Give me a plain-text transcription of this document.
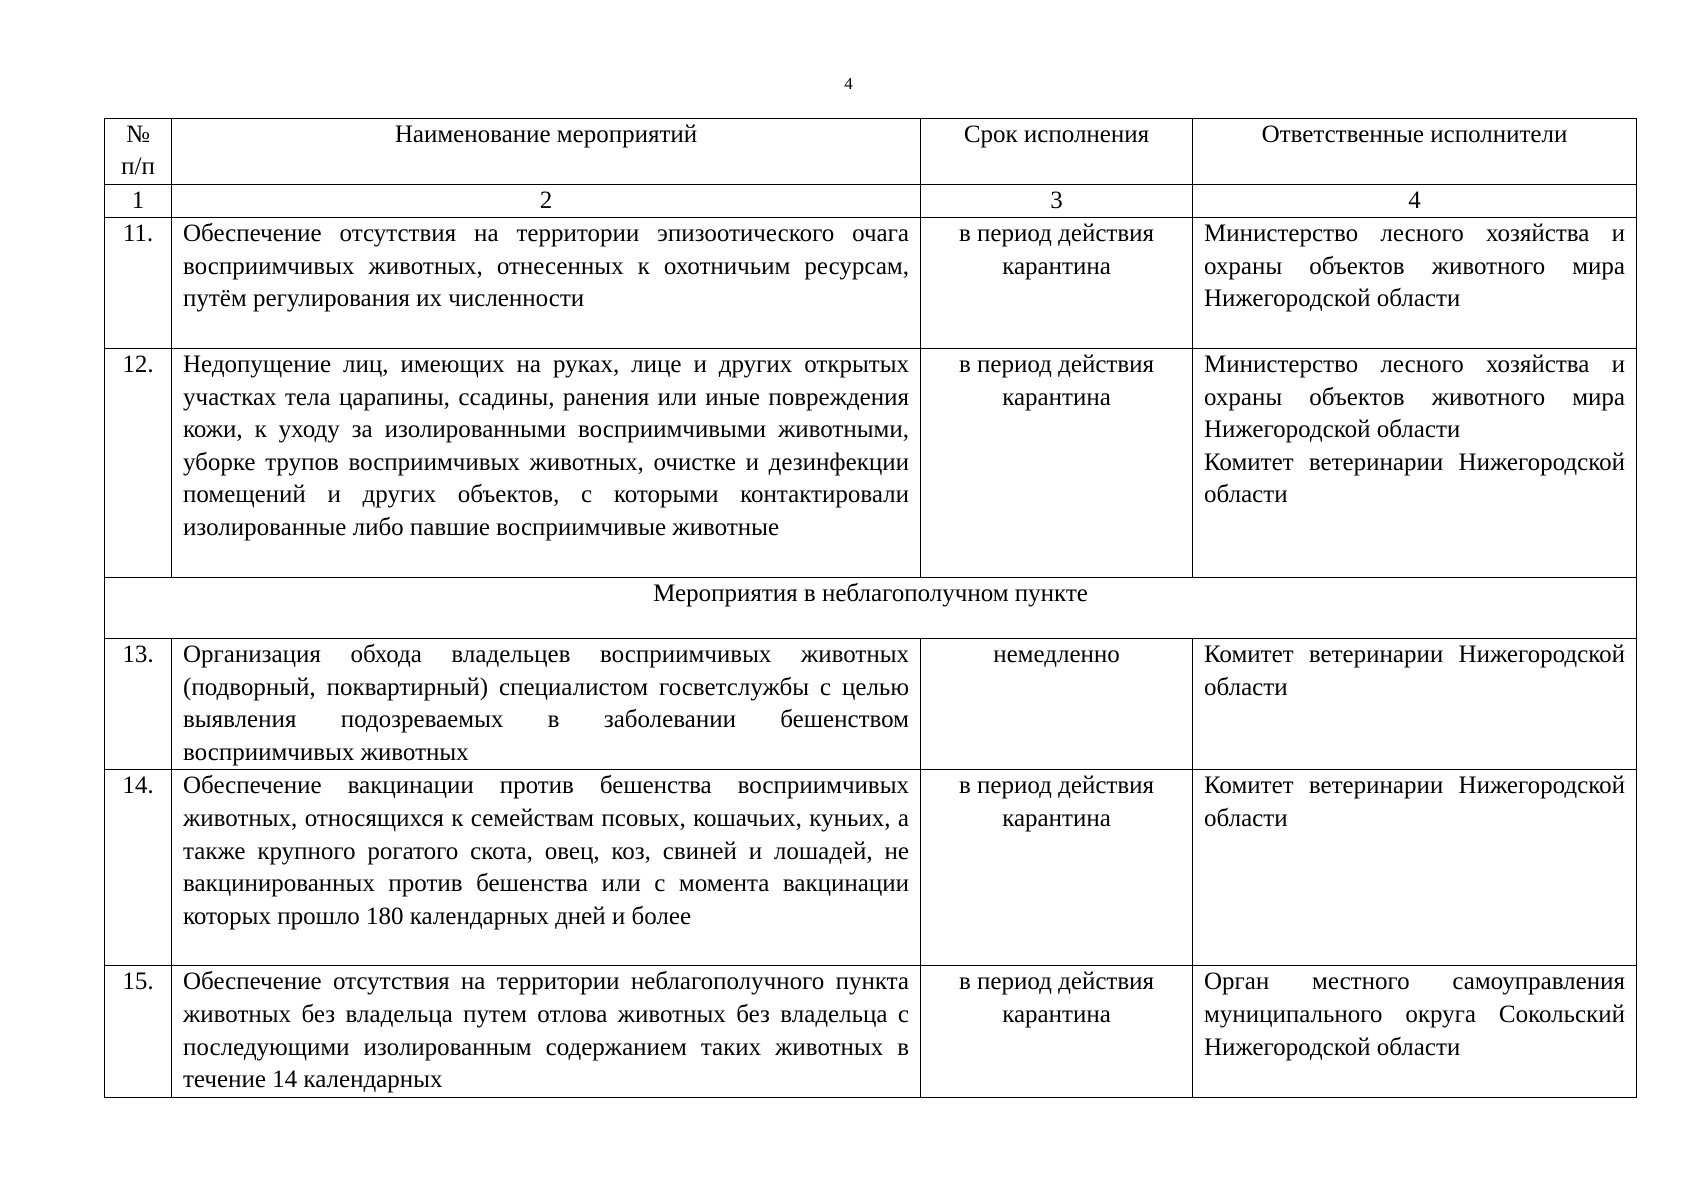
4
№ п/п	Наименование мероприятий	Срок исполнения	Ответственные исполнители
1	2	3	4
11.	Обеспечение отсутствия на территории эпизоотического очага восприимчивых животных, отнесенных к охотничьим ресурсам, путём регулирования их численности	в период действия карантина	Министерство лесного хозяйства и охраны объектов животного мира Нижегородской области

12.	Недопущение лиц, имеющих на руках, лице и других открытых участках тела царапины, ссадины, ранения или иные повреждения кожи, к уходу за изолированными восприимчивыми животными, уборке трупов восприимчивых животных, очистке и дезинфекции помещений и других объектов, с которыми контактировали изолированные либо павшие восприимчивые животные	в период действия карантина	Министерство лесного хозяйства и охраны объектов животного мира Нижегородской области
Комитет ветеринарии Нижегородской области

Мероприятия в неблагополучном пункте			
13.	Организация обхода владельцев восприимчивых животных (подворный, поквартирный) специалистом госветслужбы с целью выявления подозреваемых в заболевании бешенством восприимчивых животных	немедленно	Комитет ветеринарии Нижегородской области

14.	Обеспечение вакцинации против бешенства восприимчивых животных, относящихся к семействам псовых, кошачьих, куньих, а также крупного рогатого скота, овец, коз, свиней и лошадей, не вакцинированных против бешенства или с момента вакцинации которых прошло 180 календарных дней и более	в период действия карантина	Комитет ветеринарии Нижегородской области

15.	Обеспечение отсутствия на территории неблагополучного пункта животных без владельца путем отлова животных без владельца с последующими изолированным содержанием таких животных в течение 14 календарных	в период действия карантина	Орган местного самоуправления муниципального округа Сокольский Нижегородской области
